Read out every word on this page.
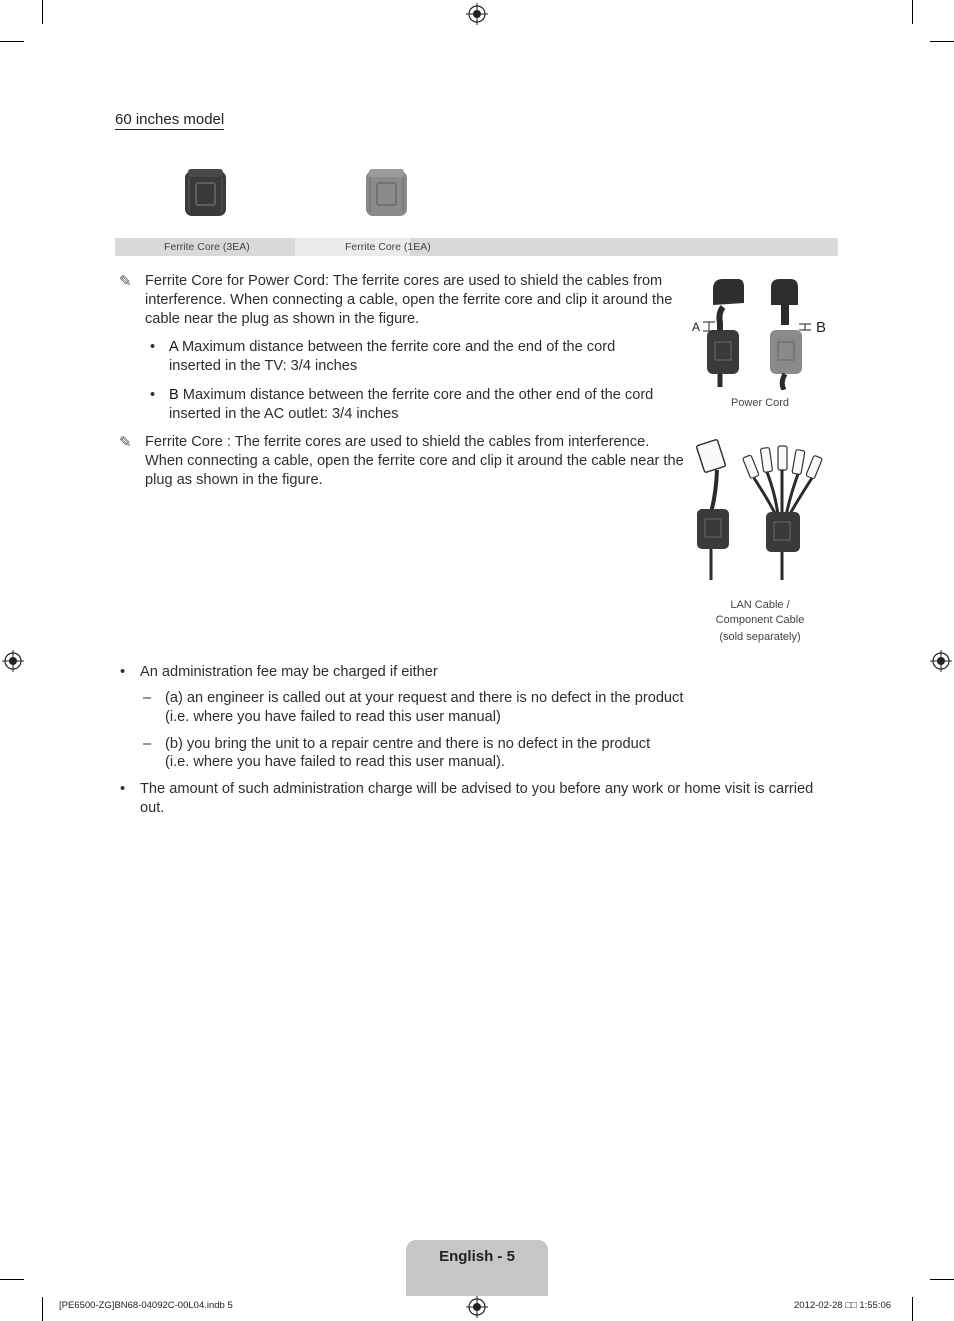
60 inches model
Ferrite Core (3EA)	Ferrite Core (1EA)
✎ Ferrite Core for Power Cord: The ferrite cores are used to shield the cables from interference. When connecting a cable, open the ferrite core and clip it around the cable near the plug as shown in the figure.
• A Maximum distance between the ferrite core and the end of the cord inserted in the TV: 3/4 inches
• B Maximum distance between the ferrite core and the other end of the cord inserted in the AC outlet: 3/4 inches
✎ Ferrite Core : The ferrite cores are used to shield the cables from interference. When connecting a cable, open the ferrite core and clip it around the cable near the plug as shown in the figure.
A	B
Power Cord
LAN Cable /
Component Cable
(sold separately)
• An administration fee may be charged if either
– (a) an engineer is called out at your request and there is no defect in the product
(i.e. where you have failed to read this user manual)
– (b) you bring the unit to a repair centre and there is no defect in the product
(i.e. where you have failed to read this user manual).
• The amount of such administration charge will be advised to you before any work or home visit is carried out.
English - 5
[PE6500-ZG]BN68-04092C-00L04.indb 5	2012-02-28 □□ 1:55:06
